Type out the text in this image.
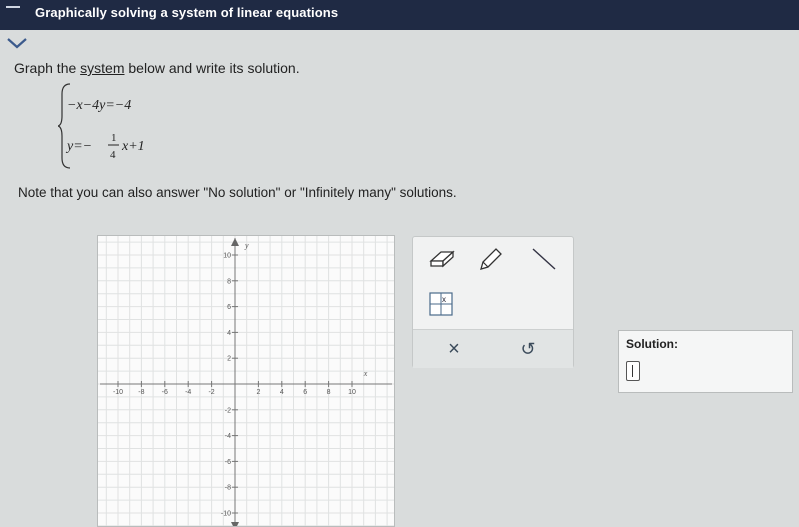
Graphically solving a system of linear equations
Graph the system below and write its solution.
−x−4y=−4
y=−
1
4
x+1
Note that you can also answer "No solution" or "Infinitely many" solutions.
x
y
-10 -8 -6 -4 -2	2	4	6	8	10
10
8
6
4
2
-2
-4
-6
-8
-10
x
×	↺	Solution:
